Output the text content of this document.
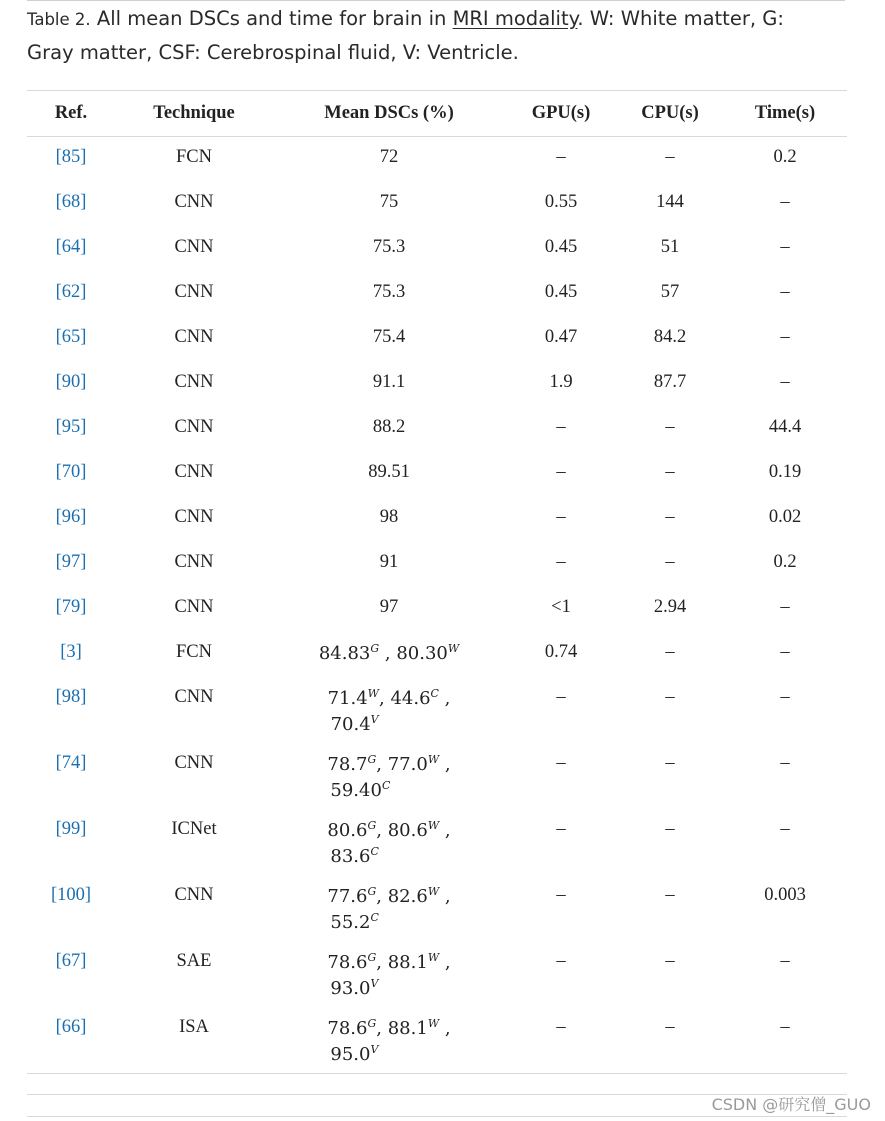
Table 2. All mean DSCs and time for brain in MRI modality. W: White matter, G: Gray matter, CSF: Cerebrospinal fluid, V: Ventricle.
Ref.	Technique	Mean DSCs (%)	GPU(s)	CPU(s)	Time(s)
[85]	FCN	72	–	–	0.2
[68]	CNN	75	0.55	144	–
[64]	CNN	75.3	0.45	51	–
[62]	CNN	75.3	0.45	57	–
[65]	CNN	75.4	0.47	84.2	–
[90]	CNN	91.1	1.9	87.7	–
[95]	CNN	88.2	–	–	44.4
[70]	CNN	89.51	–	–	0.19
[96]	CNN	98	–	–	0.02
[97]	CNN	91	–	–	0.2
[79]	CNN	97	<1	2.94	–
[3]	FCN	$84.83^G$ , $80.30^W$	0.74	–	–
[98]	CNN	$71.4^W$, $44.6^C$ ,
$70.4^V$	–	–	–
[74]	CNN	$78.7^G$, $77.0^W$ ,
$59.40^C$	–	–	–
[99]	ICNet	$80.6^G$, $80.6^W$ ,
$83.6^C$	–	–	–
[100]	CNN	$77.6^G$, $82.6^W$ ,
$55.2^C$	–	–	0.003
[67]	SAE	$78.6^G$, $88.1^W$ ,
$93.0^V$	–	–	–
[66]	ISA	$78.6^G$, $88.1^W$ ,
$95.0^V$	–	–	–
CSDN @研究僧_GUO
